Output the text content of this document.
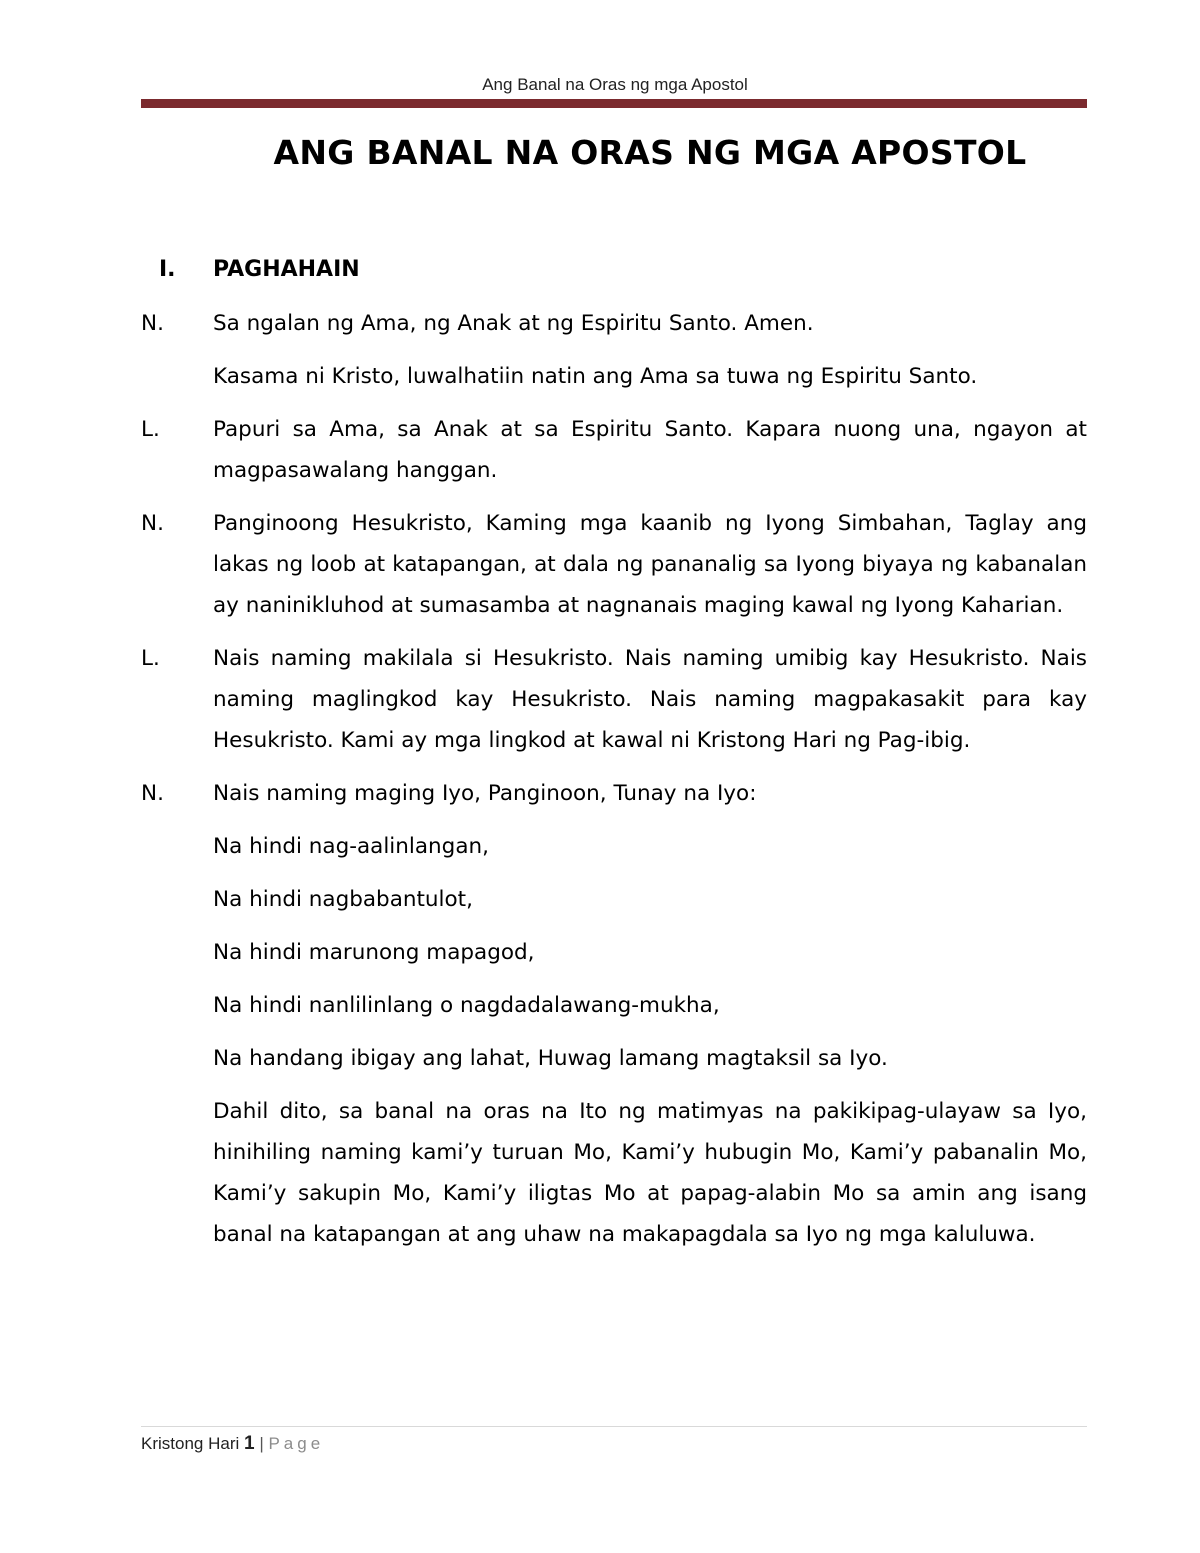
Ang Banal na Oras ng mga Apostol
ANG BANAL NA ORAS NG MGA APOSTOL
I. PAGHAHAIN
N. Sa ngalan ng Ama, ng Anak at ng Espiritu Santo. Amen.
Kasama ni Kristo, luwalhatiin natin ang Ama sa tuwa ng Espiritu Santo.
L. Papuri sa Ama, sa Anak at sa Espiritu Santo. Kapara nuong una, ngayon at magpasawalang hanggan.
N. Panginoong Hesukristo, Kaming mga kaanib ng Iyong Simbahan, Taglay ang lakas ng loob at katapangan, at dala ng pananalig sa Iyong biyaya ng kabanalan ay naninikluhod at sumasamba at nagnanais maging kawal ng Iyong Kaharian.
L. Nais naming makilala si Hesukristo. Nais naming umibig kay Hesukristo. Nais naming maglingkod kay Hesukristo. Nais naming magpakasakit para kay Hesukristo. Kami ay mga lingkod at kawal ni Kristong Hari ng Pag-ibig.
N. Nais naming maging Iyo, Panginoon, Tunay na Iyo:
Na hindi nag-aalinlangan,
Na hindi nagbabantulot,
Na hindi marunong mapagod,
Na hindi nanlilinlang o nagdadalawang-mukha,
Na handang ibigay ang lahat, Huwag lamang magtaksil sa Iyo.
Dahil dito, sa banal na oras na Ito ng matimyas na pakikipag-ulayaw sa Iyo, hinihiling naming kami’y turuan Mo, Kami’y hubugin Mo, Kami’y pabanalin Mo, Kami’y sakupin Mo, Kami’y iligtas Mo at papag-alabin Mo sa amin ang isang banal na katapangan at ang uhaw na makapagdala sa Iyo ng mga kaluluwa.
Kristong Hari 1 | Page
